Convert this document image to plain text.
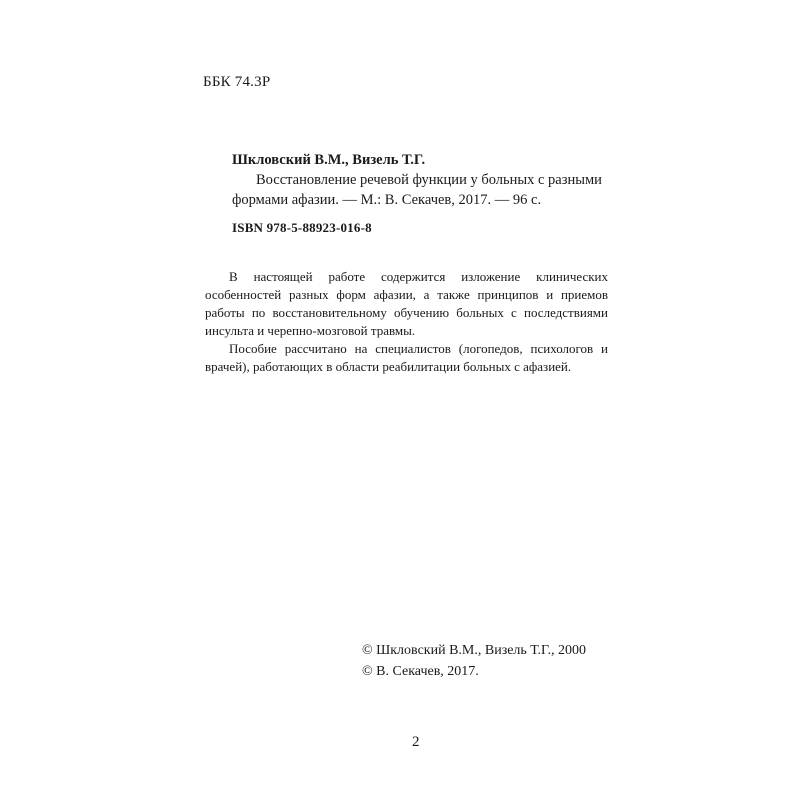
ББК 74.3Р
Шкловский В.М., Визель Т.Г.
Восстановление речевой функции у больных с разными
формами афазии. — М.: В. Секачев, 2017. — 96 с.
ISBN 978-5-88923-016-8

В настоящей работе содержится изложение клинических особенностей разных форм афазии, а также принципов и приемов работы по восстановительному обучению больных с последствиями инсульта и черепно-мозговой травмы.

Пособие рассчитано на специалистов (логопедов, психологов и врачей), работающих в области реабилитации больных с афазией.

© Шкловский В.М., Визель Т.Г., 2000
© В. Секачев, 2017.
2
